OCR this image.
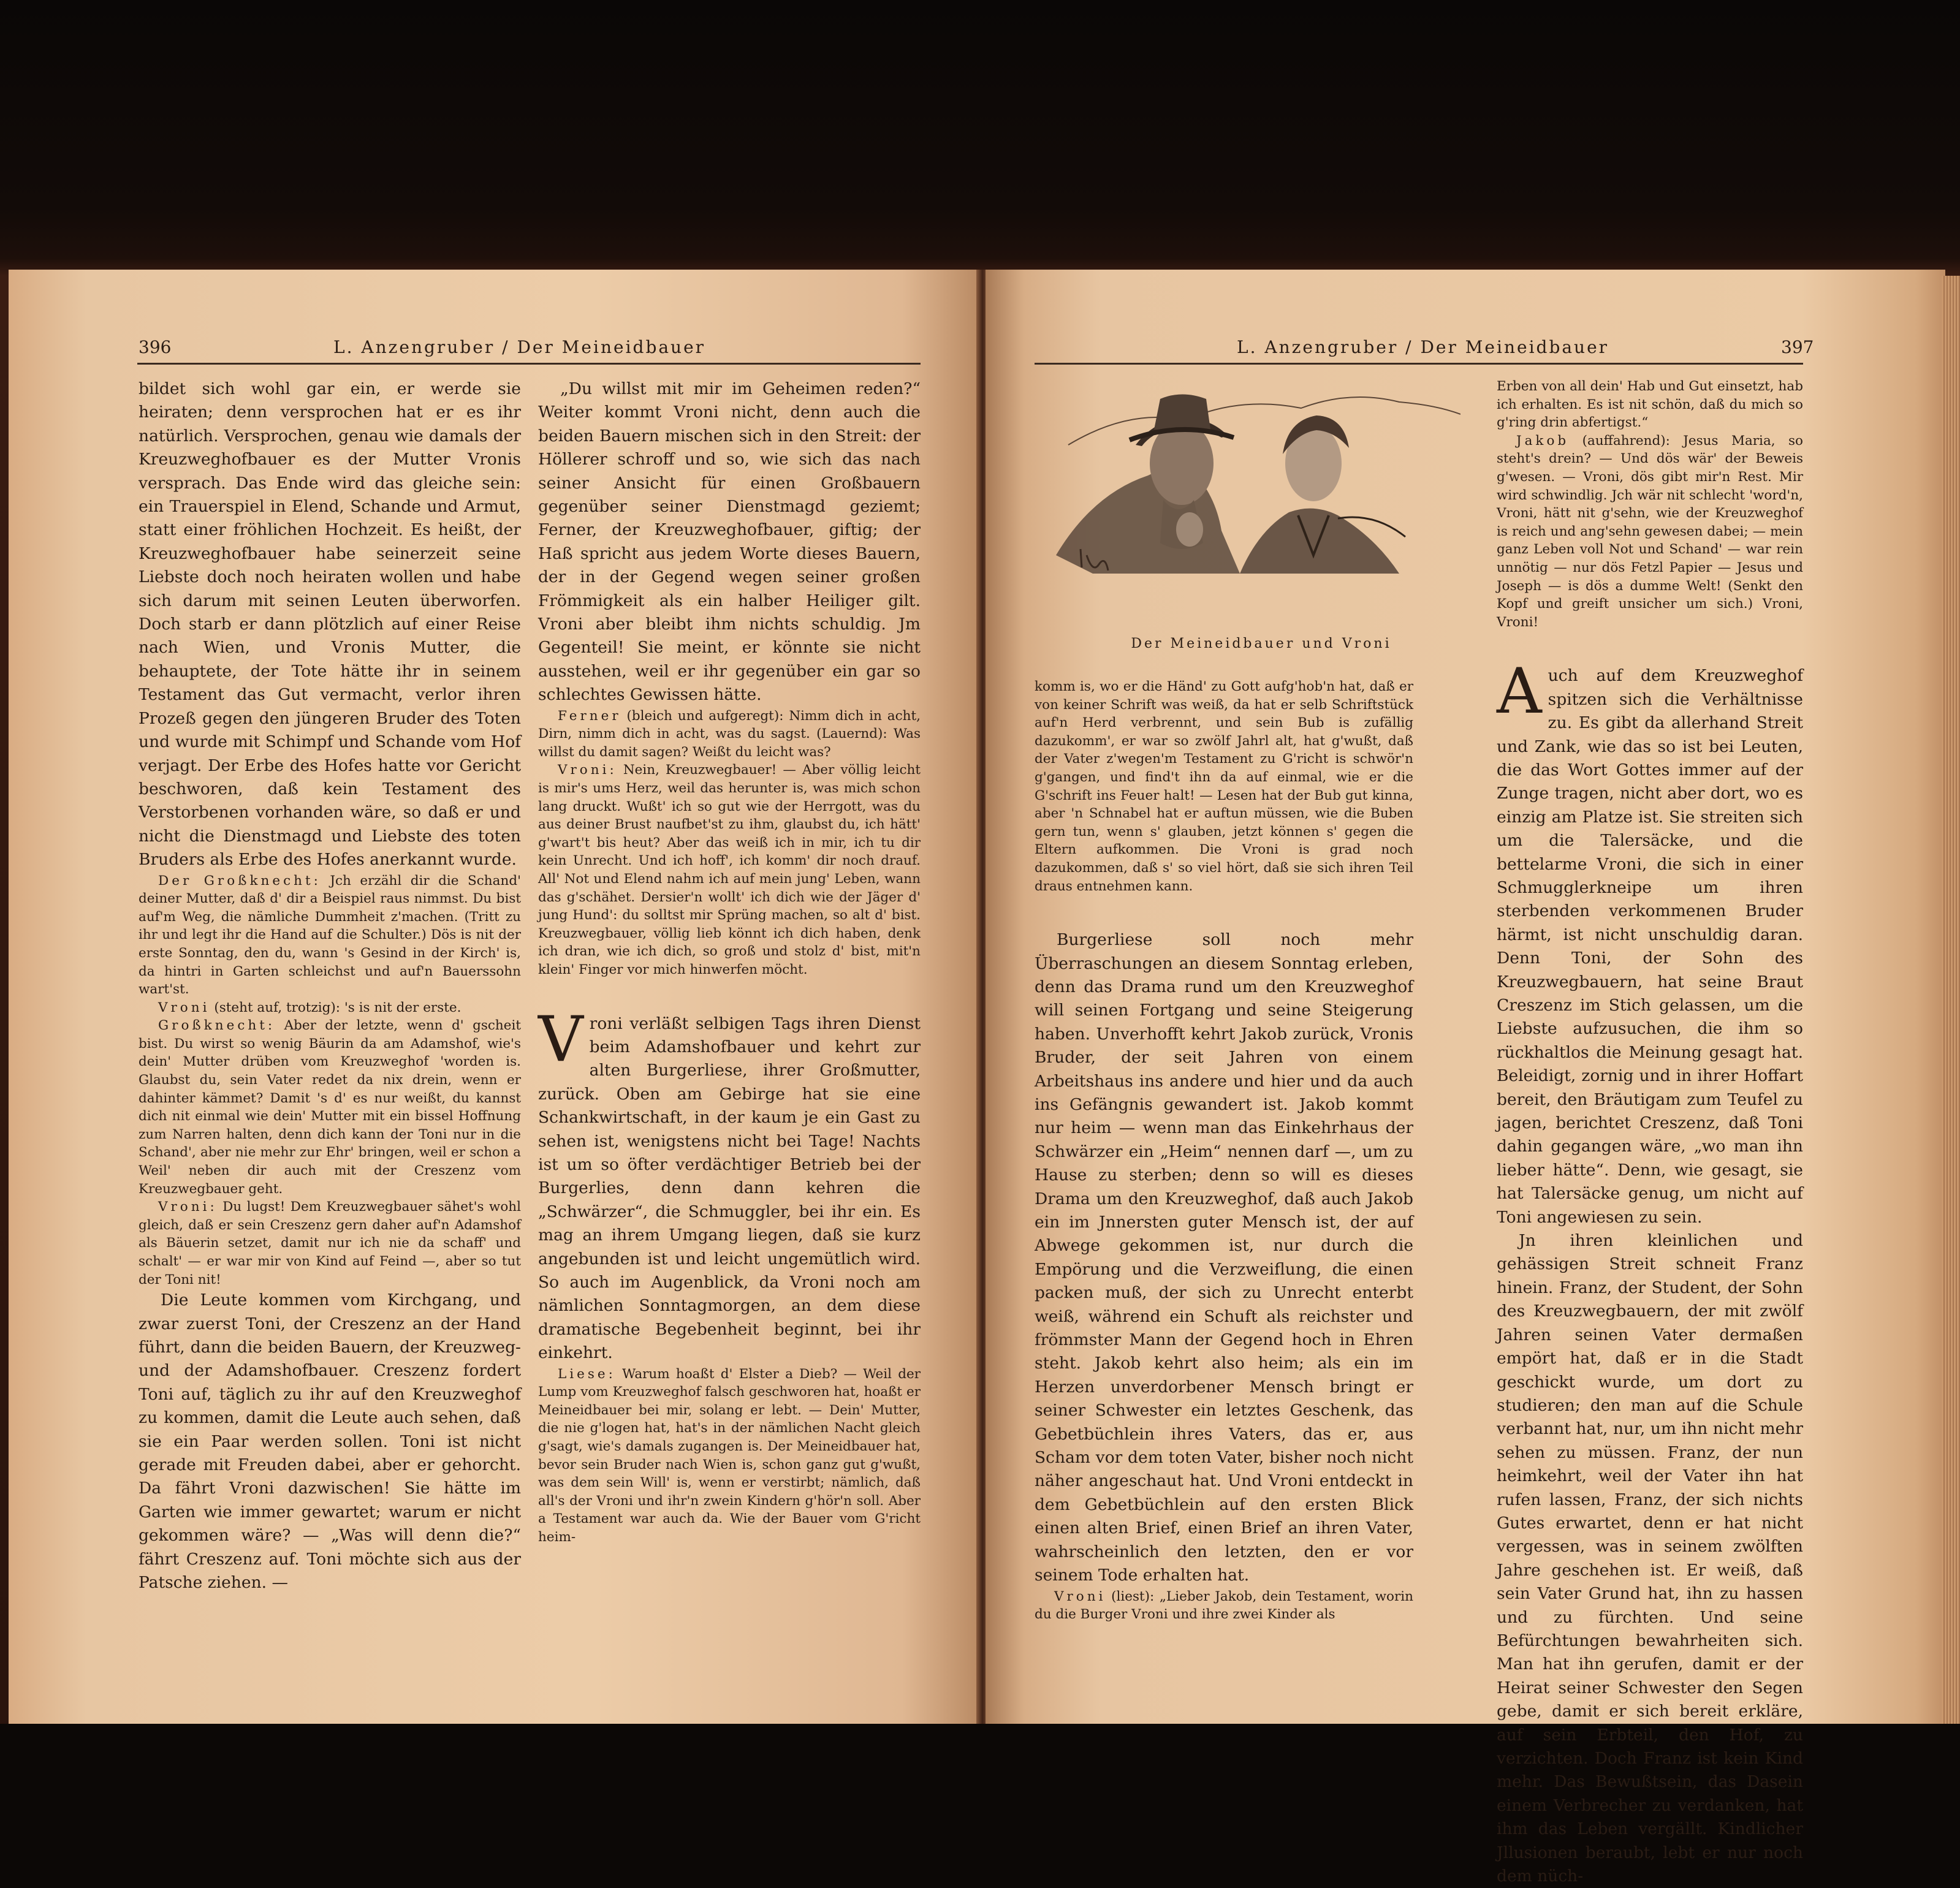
396	L. Anzengruber / Der Meineidbauer

bildet sich wohl gar ein, er werde sie heiraten; denn versprochen hat er es ihr natürlich. Versprochen, genau wie damals der Kreuzweghofbauer es der Mutter Vronis versprach. Das Ende wird das gleiche sein: ein Trauerspiel in Elend, Schande und Armut, statt einer fröhlichen Hochzeit. Es heißt, der Kreuzweghofbauer habe seinerzeit seine Liebste doch noch heiraten wollen und habe sich darum mit seinen Leuten überworfen. Doch starb er dann plötzlich auf einer Reise nach Wien, und Vronis Mutter, die behauptete, der Tote hätte ihr in seinem Testament das Gut vermacht, verlor ihren Prozeß gegen den jüngeren Bruder des Toten und wurde mit Schimpf und Schande vom Hof verjagt. Der Erbe des Hofes hatte vor Gericht beschworen, daß kein Testament des Verstorbenen vorhanden wäre, so daß er und nicht die Dienstmagd und Liebste des toten Bruders als Erbe des Hofes anerkannt wurde.

Der Großknecht: Jch erzähl dir die Schand' deiner Mutter, daß d' dir a Beispiel raus nimmst. Du bist auf'm Weg, die nämliche Dummheit z'machen. (Tritt zu ihr und legt ihr die Hand auf die Schulter.) Dös is nit der erste Sonntag, den du, wann 's Gesind in der Kirch' is, da hintri in Garten schleichst und auf'n Bauerssohn wart'st.

Vroni (steht auf, trotzig): 's is nit der erste.

Großknecht: Aber der letzte, wenn d' gscheit bist. Du wirst so wenig Bäurin da am Adamshof, wie's dein' Mutter drüben vom Kreuzweghof 'worden is. Glaubst du, sein Vater redet da nix drein, wenn er dahinter kämmet? Damit 's d' es nur weißt, du kannst dich nit einmal wie dein' Mutter mit ein bissel Hoffnung zum Narren halten, denn dich kann der Toni nur in die Schand', aber nie mehr zur Ehr' bringen, weil er schon a Weil' neben dir auch mit der Creszenz vom Kreuzwegbauer geht.

Vroni: Du lugst! Dem Kreuzwegbauer sähet's wohl gleich, daß er sein Creszenz gern daher auf'n Adamshof als Bäuerin setzet, damit nur ich nie da schaff' und schalt' — er war mir von Kind auf Feind —, aber so tut der Toni nit!

Die Leute kommen vom Kirchgang, und zwar zuerst Toni, der Creszenz an der Hand führt, dann die beiden Bauern, der Kreuzweg- und der Adamshofbauer. Creszenz fordert Toni auf, täglich zu ihr auf den Kreuzweghof zu kommen, damit die Leute auch sehen, daß sie ein Paar werden sollen. Toni ist nicht gerade mit Freuden dabei, aber er gehorcht. Da fährt Vroni dazwischen! Sie hätte im Garten wie immer gewartet; warum er nicht gekommen wäre? — „Was will denn die?“ fährt Creszenz auf. Toni möchte sich aus der Patsche ziehen. —

„Du willst mit mir im Geheimen reden?“ Weiter kommt Vroni nicht, denn auch die beiden Bauern mischen sich in den Streit: der Höllerer schroff und so, wie sich das nach seiner Ansicht für einen Großbauern gegenüber seiner Dienstmagd geziemt; Ferner, der Kreuzweghofbauer, giftig; der Haß spricht aus jedem Worte dieses Bauern, der in der Gegend wegen seiner großen Frömmigkeit als ein halber Heiliger gilt. Vroni aber bleibt ihm nichts schuldig. Jm Gegenteil! Sie meint, er könnte sie nicht ausstehen, weil er ihr gegenüber ein gar so schlechtes Gewissen hätte.

Ferner (bleich und aufgeregt): Nimm dich in acht, Dirn, nimm dich in acht, was du sagst. (Lauernd): Was willst du damit sagen? Weißt du leicht was?

Vroni: Nein, Kreuzwegbauer! — Aber völlig leicht is mir's ums Herz, weil das herunter is, was mich schon lang druckt. Wußt' ich so gut wie der Herrgott, was du aus deiner Brust naufbet'st zu ihm, glaubst du, ich hätt' g'wart't bis heut? Aber das weiß ich in mir, ich tu dir kein Unrecht. Und ich hoff', ich komm' dir noch drauf. All' Not und Elend nahm ich auf mein jung' Leben, wann das g'schähet. Dersier'n wollt' ich dich wie der Jäger d' jung Hund': du solltst mir Sprüng machen, so alt d' bist. Kreuzwegbauer, völlig lieb könnt ich dich haben, denk ich dran, wie ich dich, so groß und stolz d' bist, mit'n klein' Finger vor mich hinwerfen möcht.

Vroni verläßt selbigen Tags ihren Dienst beim Adamshofbauer und kehrt zur alten Burgerliese, ihrer Großmutter, zurück. Oben am Gebirge hat sie eine Schankwirtschaft, in der kaum je ein Gast zu sehen ist, wenigstens nicht bei Tage! Nachts ist um so öfter verdächtiger Betrieb bei der Burgerlies, denn dann kehren die „Schwärzer“, die Schmuggler, bei ihr ein. Es mag an ihrem Umgang liegen, daß sie kurz angebunden ist und leicht ungemütlich wird. So auch im Augenblick, da Vroni noch am nämlichen Sonntagmorgen, an dem diese dramatische Begebenheit beginnt, bei ihr einkehrt.

Liese: Warum hoaßt d' Elster a Dieb? — Weil der Lump vom Kreuzweghof falsch geschworen hat, hoaßt er Meineidbauer bei mir, solang er lebt. — Dein' Mutter, die nie g'logen hat, hat's in der nämlichen Nacht gleich g'sagt, wie's damals zugangen is. Der Meineidbauer hat, bevor sein Bruder nach Wien is, schon ganz gut g'wußt, was dem sein Will' is, wenn er verstirbt; nämlich, daß all's der Vroni und ihr'n zwein Kindern g'hör'n soll. Aber a Testament war auch da. Wie der Bauer vom G'richt heim-

L. Anzengruber / Der Meineidbauer	397
Der Meineidbauer und Vroni

komm is, wo er die Händ' zu Gott aufg'hob'n hat, daß er von keiner Schrift was weiß, da hat er selb Schriftstück auf'n Herd verbrennt, und sein Bub is zufällig dazukomm', er war so zwölf Jahrl alt, hat g'wußt, daß der Vater z'wegen'm Testament zu G'richt is schwör'n g'gangen, und find't ihn da auf einmal, wie er die G'schrift ins Feuer halt! — Lesen hat der Bub gut kinna, aber 'n Schnabel hat er auftun müssen, wie die Buben gern tun, wenn s' glauben, jetzt können s' gegen die Eltern aufkommen. Die Vroni is grad noch dazukommen, daß s' so viel hört, daß sie sich ihren Teil draus entnehmen kann.

Burgerliese soll noch mehr Überraschungen an diesem Sonntag erleben, denn das Drama rund um den Kreuzweghof will seinen Fortgang und seine Steigerung haben. Unverhofft kehrt Jakob zurück, Vronis Bruder, der seit Jahren von einem Arbeitshaus ins andere und hier und da auch ins Gefängnis gewandert ist. Jakob kommt nur heim — wenn man das Einkehrhaus der Schwärzer ein „Heim“ nennen darf —, um zu Hause zu sterben; denn so will es dieses Drama um den Kreuzweghof, daß auch Jakob ein im Jnnersten guter Mensch ist, der auf Abwege gekommen ist, nur durch die Empörung und die Verzweiflung, die einen packen muß, der sich zu Unrecht enterbt weiß, während ein Schuft als reichster und frömmster Mann der Gegend hoch in Ehren steht. Jakob kehrt also heim; als ein im Herzen unverdorbener Mensch bringt er seiner Schwester ein letztes Geschenk, das Gebetbüchlein ihres Vaters, das er, aus Scham vor dem toten Vater, bisher noch nicht näher angeschaut hat. Und Vroni entdeckt in dem Gebetbüchlein auf den ersten Blick einen alten Brief, einen Brief an ihren Vater, wahrscheinlich den letzten, den er vor seinem Tode erhalten hat.

Vroni (liest): „Lieber Jakob, dein Testament, worin du die Burger Vroni und ihre zwei Kinder als

Erben von all dein' Hab und Gut einsetzt, hab ich erhalten. Es ist nit schön, daß du mich so g'ring drin abfertigst.“

Jakob (auffahrend): Jesus Maria, so steht's drein? — Und dös wär' der Beweis g'wesen. — Vroni, dös gibt mir'n Rest. Mir wird schwindlig. Jch wär nit schlecht 'word'n, Vroni, hätt nit g'sehn, wie der Kreuzweghof is reich und ang'sehn gewesen dabei; — mein ganz Leben voll Not und Schand' — war rein unnötig — nur dös Fetzl Papier — Jesus und Joseph — is dös a dumme Welt! (Senkt den Kopf und greift unsicher um sich.) Vroni, Vroni!

Auch auf dem Kreuzweghof spitzen sich die Verhältnisse zu. Es gibt da allerhand Streit und Zank, wie das so ist bei Leuten, die das Wort Gottes immer auf der Zunge tragen, nicht aber dort, wo es einzig am Platze ist. Sie streiten sich um die Talersäcke, und die bettelarme Vroni, die sich in einer Schmugglerkneipe um ihren sterbenden verkommenen Bruder härmt, ist nicht unschuldig daran. Denn Toni, der Sohn des Kreuzwegbauern, hat seine Braut Creszenz im Stich gelassen, um die Liebste aufzusuchen, die ihm so rückhaltlos die Meinung gesagt hat. Beleidigt, zornig und in ihrer Hoffart bereit, den Bräutigam zum Teufel zu jagen, berichtet Creszenz, daß Toni dahin gegangen wäre, „wo man ihn lieber hätte“. Denn, wie gesagt, sie hat Talersäcke genug, um nicht auf Toni angewiesen zu sein.

Jn ihren kleinlichen und gehässigen Streit schneit Franz hinein. Franz, der Student, der Sohn des Kreuzwegbauern, der mit zwölf Jahren seinen Vater dermaßen empört hat, daß er in die Stadt geschickt wurde, um dort zu studieren; den man auf die Schule verbannt hat, nur, um ihn nicht mehr sehen zu müssen. Franz, der nun heimkehrt, weil der Vater ihn hat rufen lassen, Franz, der sich nichts Gutes erwartet, denn er hat nicht vergessen, was in seinem zwölften Jahre geschehen ist. Er weiß, daß sein Vater Grund hat, ihn zu hassen und zu fürchten. Und seine Befürchtungen bewahrheiten sich. Man hat ihn gerufen, damit er der Heirat seiner Schwester den Segen gebe, damit er sich bereit erkläre, auf sein Erbteil, den Hof, zu verzichten. Doch Franz ist kein Kind mehr. Das Bewußtsein, das Dasein einem Verbrecher zu verdanken, hat ihm das Leben vergällt. Kindlicher Jllusionen beraubt, lebt er nur noch dem nüch-
